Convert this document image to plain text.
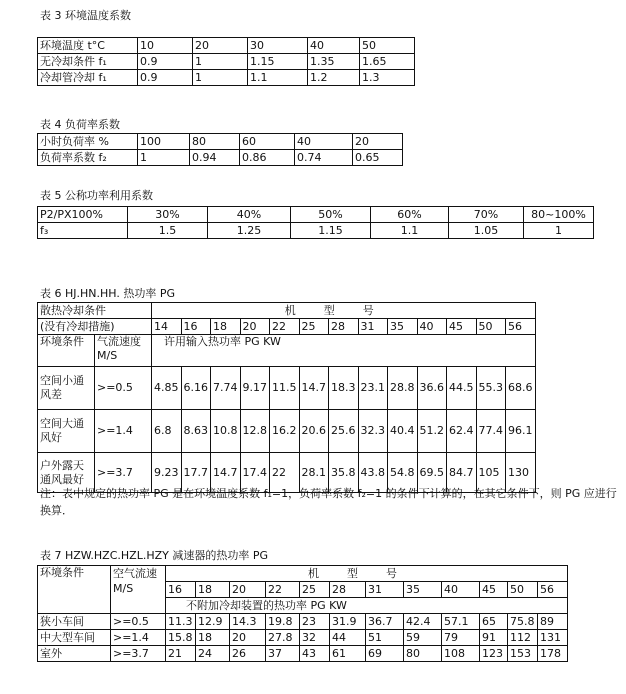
表 3 环境温度系数
环境温度 t°C	10	20	30	40	50
无冷却条件 f₁	0.9	1	1.15	1.35	1.65
冷却管冷却 f₁	0.9	1	1.1	1.2	1.3
表 4 负荷率系数
小时负荷率 %	100	80	60	40	20
负荷率系数 f₂	1	0.94	0.86	0.74	0.65
表 5 公称功率利用系数
P2/PX100%	30%	40%	50%	60%	70%	80~100%
f₃	1.5	1.25	1.15	1.1	1.05	1
表 6 HJ.HN.HH. 热功率 PG
散热冷却条件		机型号												
(没有冷却措施)		14	16	18	20	22	25	28	31	35	40	45	50	56
环境条件	气流速度 M/S	许用输入热功率 PG KW												
空间小通风差	>=0.5	4.85	6.16	7.74	9.17	11.5	14.7	18.3	23.1	28.8	36.6	44.5	55.3	68.6
空间大通风好	>=1.4	6.8	8.63	10.8	12.8	16.2	20.6	25.6	32.3	40.4	51.2	62.4	77.4	96.1
户外露天通风最好	>=3.7	9.23	17.7	14.7	17.4	22	28.1	35.8	43.8	54.8	69.5	84.7	105	130
注：表中规定的热功率 PG 是在环境温度系数 f₁=1，负荷率系数 f₂=1 的条件下计算的，在其它条件下，则 PG 应进行换算．
表 7 HZW.HZC.HZL.HZY 减速器的热功率 PG
环境条件	空气流速 M/S	机型号											
		16	18	20	22	25	28	31	35	40	45	50	56
		不附加冷却装置的热功率 PG KW											
狭小车间	>=0.5	11.3	12.9	14.3	19.8	23	31.9	36.7	42.4	57.1	65	75.8	89
中大型车间	>=1.4	15.8	18	20	27.8	32	44	51	59	79	91	112	131
室外	>=3.7	21	24	26	37	43	61	69	80	108	123	153	178
